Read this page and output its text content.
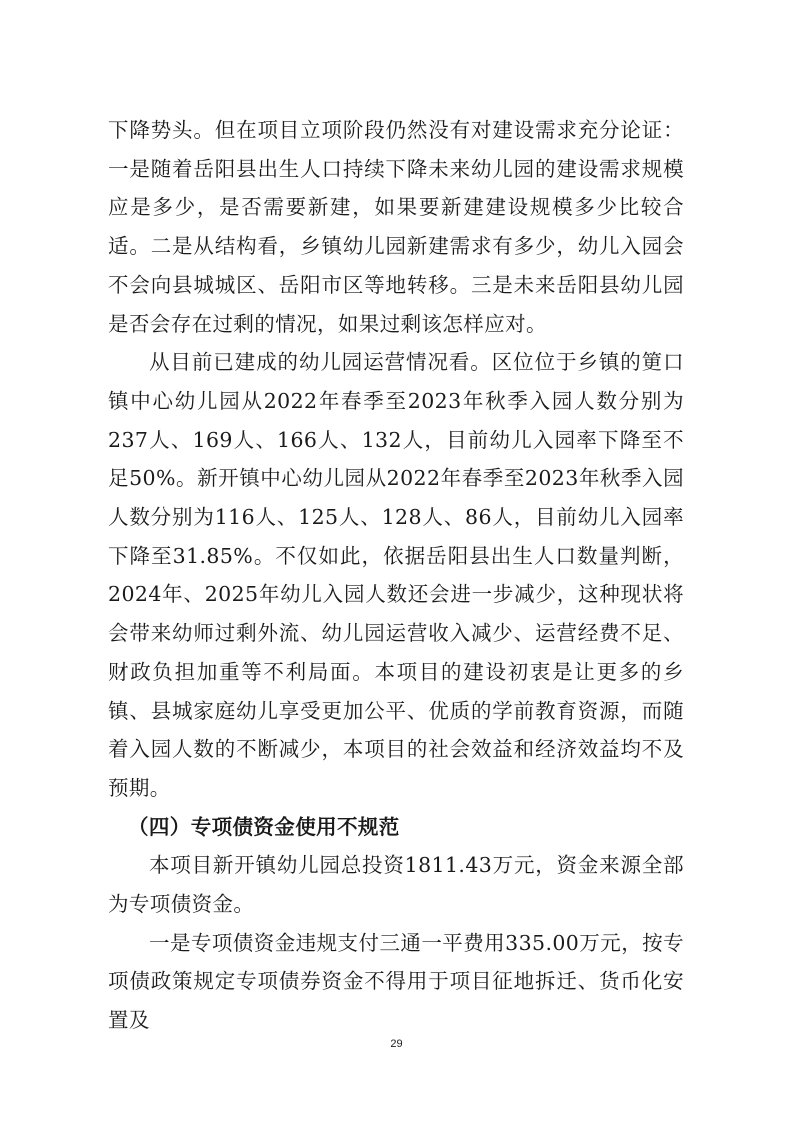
下降势头。但在项目立项阶段仍然没有对建设需求充分论证：一是随着岳阳县出生人口持续下降未来幼儿园的建设需求规模应是多少，是否需要新建，如果要新建建设规模多少比较合适。二是从结构看，乡镇幼儿园新建需求有多少，幼儿入园会不会向县城城区、岳阳市区等地转移。三是未来岳阳县幼儿园是否会存在过剩的情况，如果过剩该怎样应对。

从目前已建成的幼儿园运营情况看。区位位于乡镇的筻口镇中心幼儿园从2022年春季至2023年秋季入园人数分别为237人、169人、166人、132人，目前幼儿入园率下降至不足50%。新开镇中心幼儿园从2022年春季至2023年秋季入园人数分别为116人、125人、128人、86人，目前幼儿入园率下降至31.85%。不仅如此，依据岳阳县出生人口数量判断，2024年、2025年幼儿入园人数还会进一步减少，这种现状将会带来幼师过剩外流、幼儿园运营收入减少、运营经费不足、财政负担加重等不利局面。本项目的建设初衷是让更多的乡镇、县城家庭幼儿享受更加公平、优质的学前教育资源，而随着入园人数的不断减少，本项目的社会效益和经济效益均不及预期。

（四）专项债资金使用不规范

本项目新开镇幼儿园总投资1811.43万元，资金来源全部为专项债资金。

一是专项债资金违规支付三通一平费用335.00万元，按专项债政策规定专项债券资金不得用于项目征地拆迁、货币化安置及

29
